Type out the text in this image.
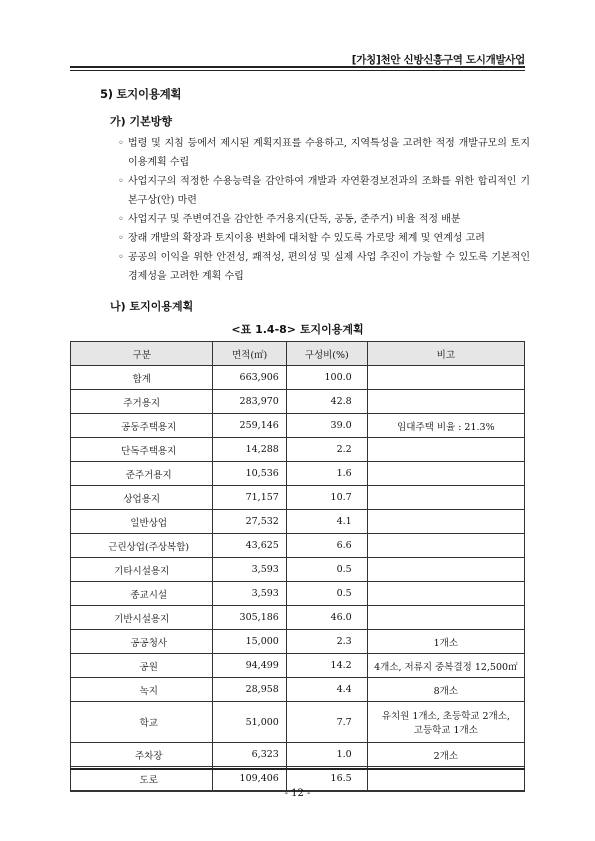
[가칭]천안 신방신흥구역 도시개발사업
5) 토지이용계획
가) 기본방향
◦ 법령 및 지침 등에서 제시된 계획지표를 수용하고, 지역특성을 고려한 적정 개발규모의 토지이용계획 수립
◦ 사업지구의 적정한 수용능력을 감안하여 개발과 자연환경보전과의 조화를 위한 합리적인 기본구상(안) 마련
◦ 사업지구 및 주변여건을 감안한 주거용지(단독, 공동, 준주거) 비율 적정 배분
◦ 장래 개발의 확장과 토지이용 변화에 대처할 수 있도록 가로망 체계 및 연계성 고려
◦ 공공의 이익을 위한 안전성, 쾌적성, 편의성 및 실제 사업 추진이 가능할 수 있도록 기본적인 경제성을 고려한 계획 수립
나) 토지이용계획
<표 1.4-8> 토지이용계획
구분	면적(㎡)	구성비(%)	비고
합계	663,906	100.0	
주거용지	283,970	42.8	
공동주택용지	259,146	39.0	임대주택 비율 : 21.3%
단독주택용지	14,288	2.2	
준주거용지	10,536	1.6	
상업용지	71,157	10.7	
일반상업	27,532	4.1	
근린상업(주상복합)	43,625	6.6	
기타시설용지	3,593	0.5	
종교시설	3,593	0.5	
기반시설용지	305,186	46.0	
공공청사	15,000	2.3	1개소
공원	94,499	14.2	4개소, 저류지 중복결정 12,500㎡
녹지	28,958	4.4	8개소
학교	51,000	7.7	유치원 1개소, 초등학교 2개소,
고등학교 1개소

주차장	6,323	1.0	2개소
도로	109,406	16.5	
- 12 -
